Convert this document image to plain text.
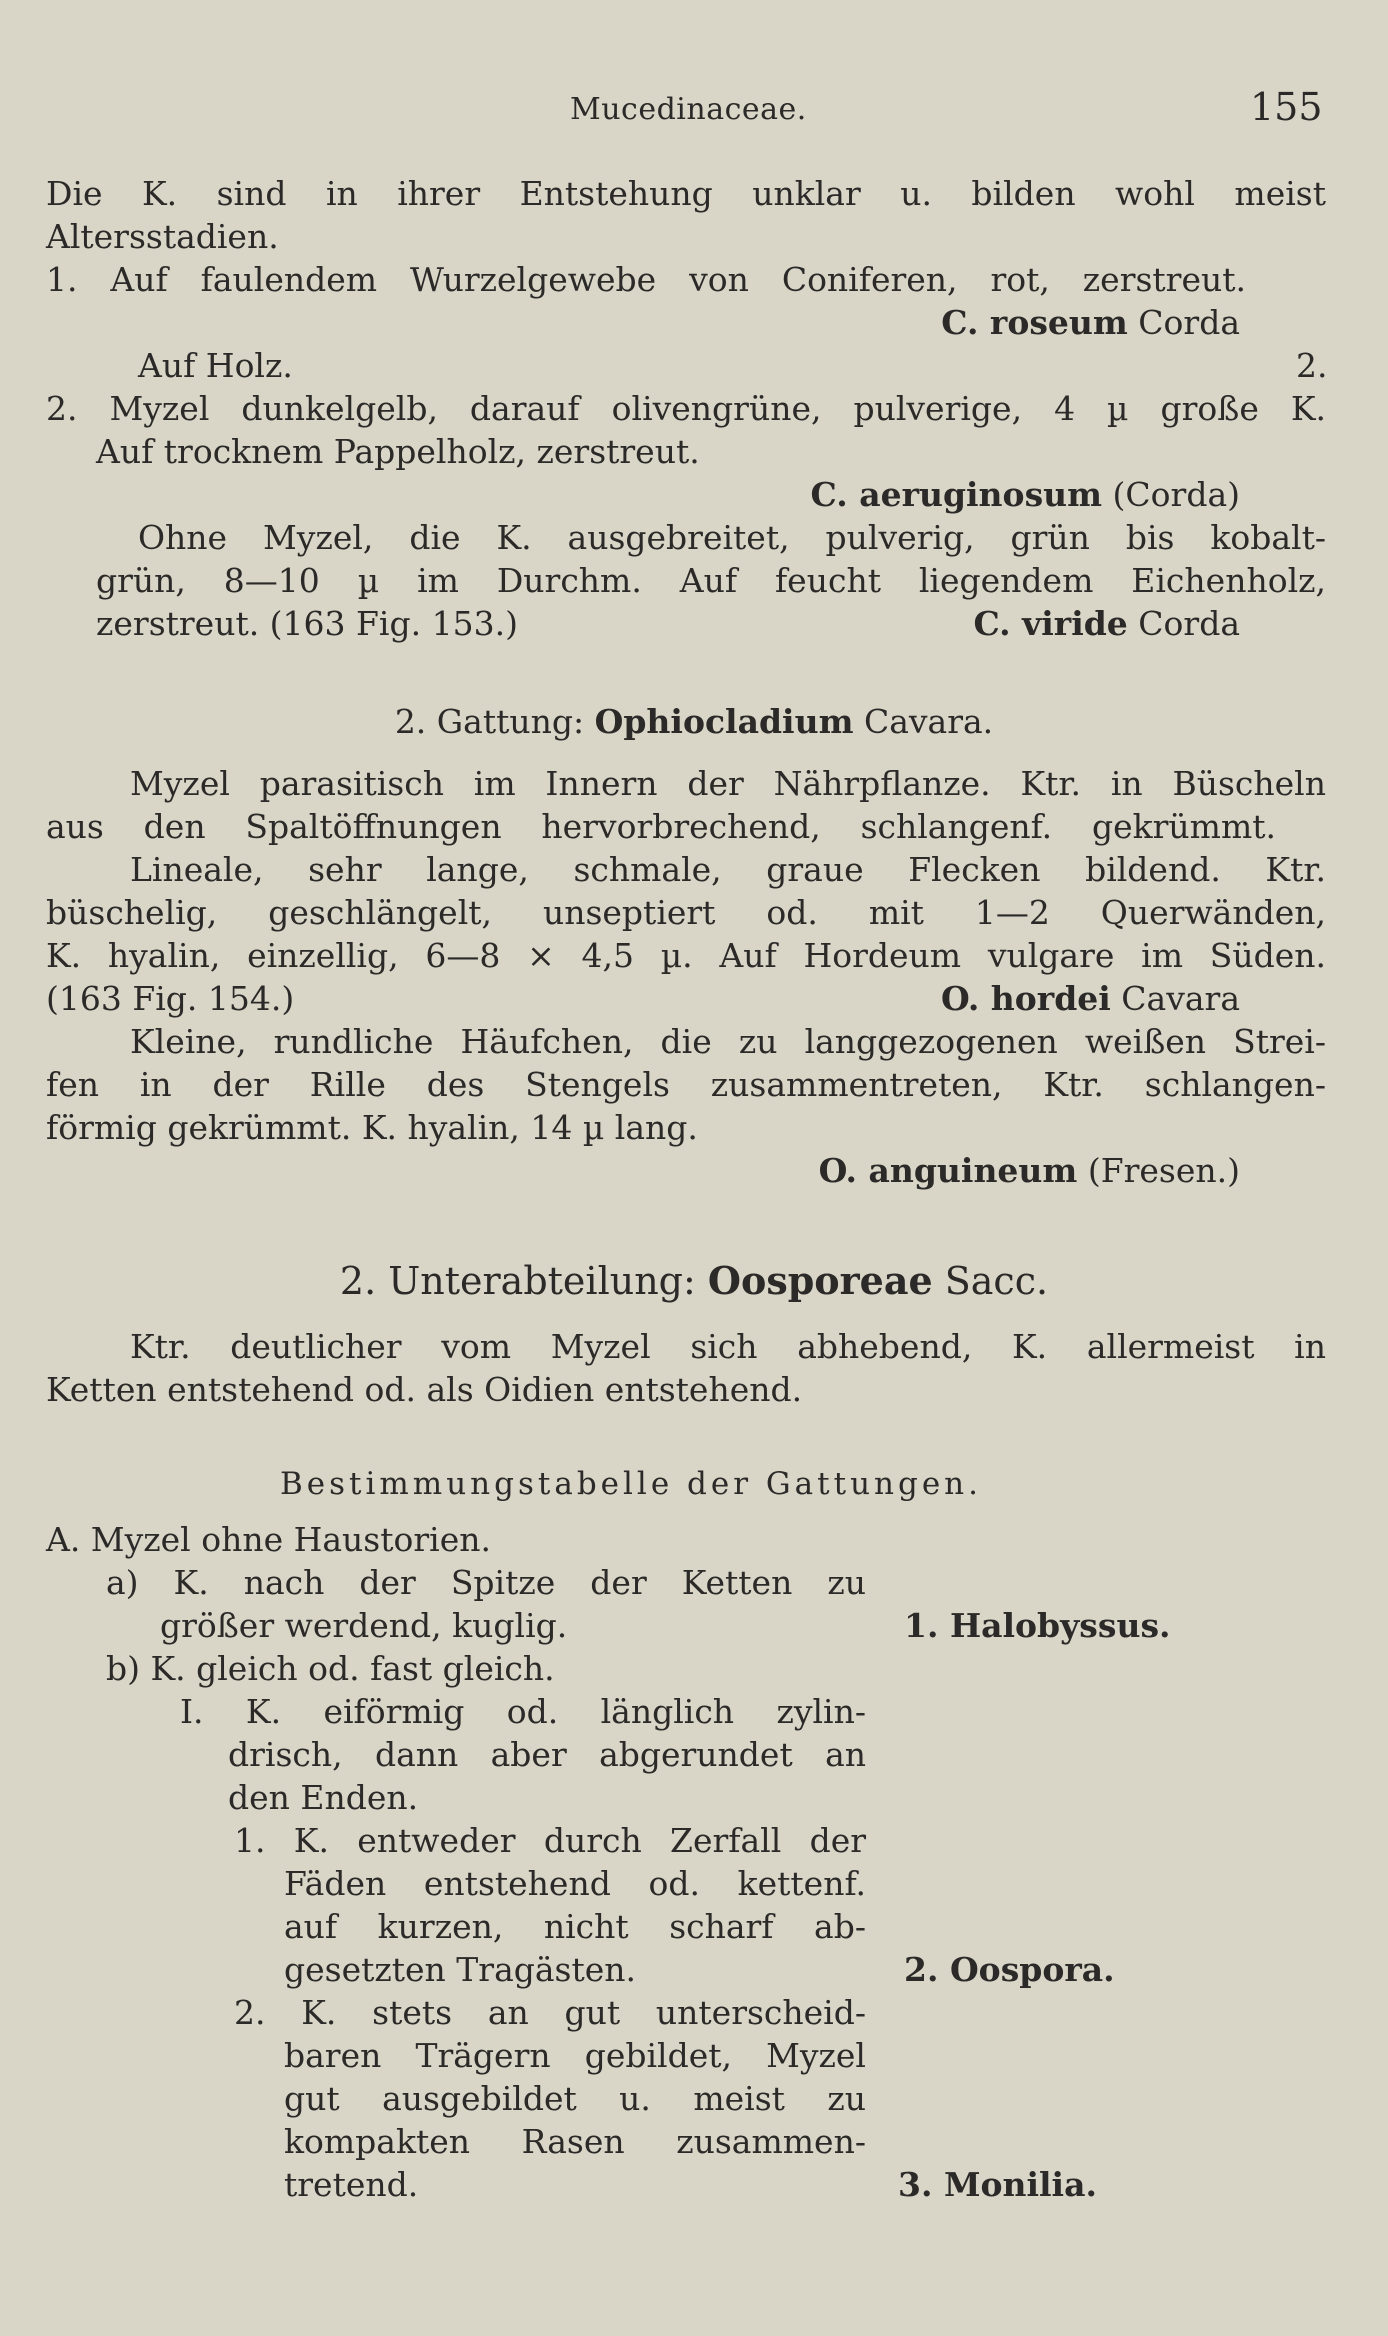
Mucedinaceae.	155
Die K. sind in ihrer Entstehung unklar u. bilden wohl meist
Altersstadien.
1. Auf faulendem Wurzelgewebe von Coniferen, rot, zerstreut.
C. roseum Corda
Auf Holz.	2.
2. Myzel dunkelgelb, darauf olivengrüne, pulverige, 4 µ große K.
Auf trocknem Pappelholz, zerstreut.
C. aeruginosum (Corda)
Ohne Myzel, die K. ausgebreitet, pulverig, grün bis kobalt-
grün, 8—10 µ im Durchm. Auf feucht liegendem Eichenholz,
zerstreut. (163 Fig. 153.)	C. viride Corda
2. Gattung: Ophiocladium Cavara.
Myzel parasitisch im Innern der Nährpflanze. Ktr. in Büscheln
aus den Spaltöffnungen hervorbrechend, schlangenf. gekrümmt.
Lineale, sehr lange, schmale, graue Flecken bildend. Ktr.
büschelig, geschlängelt, unseptiert od. mit 1—2 Querwänden,
K. hyalin, einzellig, 6—8 × 4,5 µ. Auf Hordeum vulgare im Süden.
(163 Fig. 154.)	O. hordei Cavara
Kleine, rundliche Häufchen, die zu langgezogenen weißen Strei-
fen in der Rille des Stengels zusammentreten, Ktr. schlangen-
förmig gekrümmt. K. hyalin, 14 µ lang.
O. anguineum (Fresen.)
2. Unterabteilung: Oosporeae Sacc.
Ktr. deutlicher vom Myzel sich abhebend, K. allermeist in
Ketten entstehend od. als Oidien entstehend.
Bestimmungstabelle der Gattungen.
A. Myzel ohne Haustorien.
a) K. nach der Spitze der Ketten zu
größer werdend, kuglig.	1. Halobyssus.
b) K. gleich od. fast gleich.
I. K. eiförmig od. länglich zylin-
drisch, dann aber abgerundet an
den Enden.
1. K. entweder durch Zerfall der
Fäden entstehend od. kettenf.
auf kurzen, nicht scharf ab-
gesetzten Tragästen.	2. Oospora.
2. K. stets an gut unterscheid-
baren Trägern gebildet, Myzel
gut ausgebildet u. meist zu
kompakten Rasen zusammen-
tretend.	3. Monilia.
